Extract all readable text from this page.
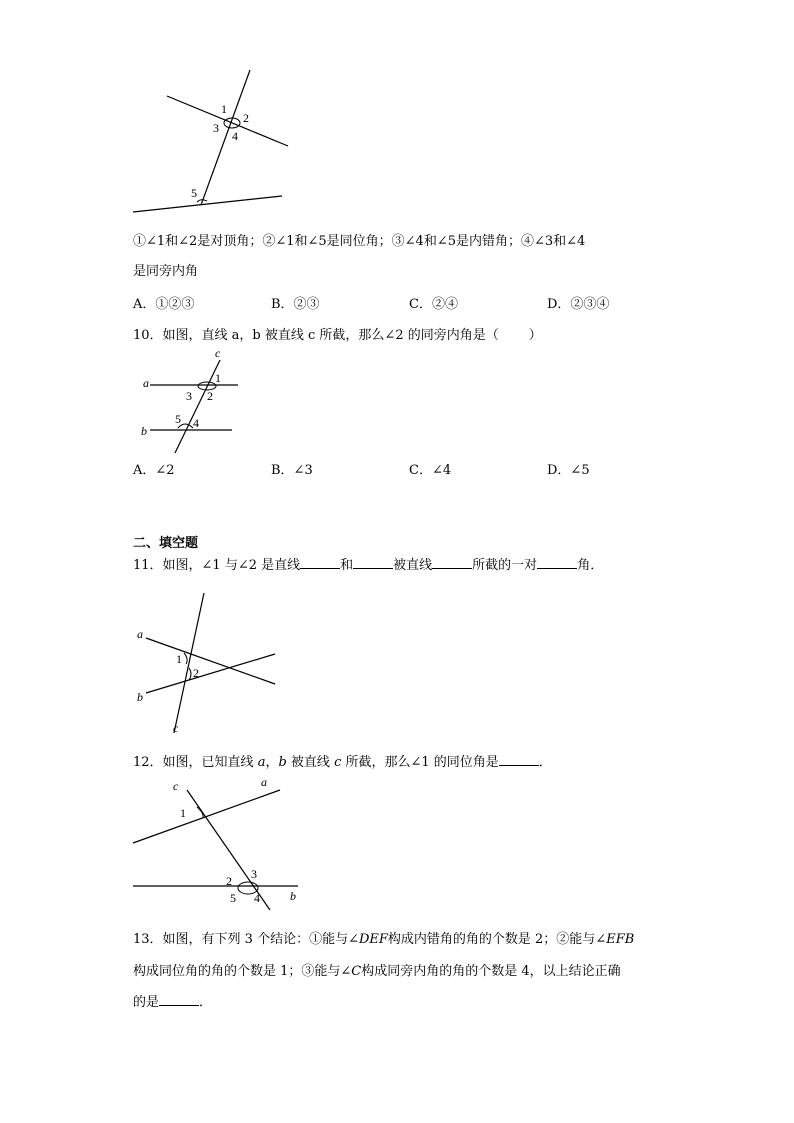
1
2
3
4
5
①∠1和∠2是对顶角；②∠1和∠5是同位角；③∠4和∠5是内错角；④∠3和∠4
是同旁内角
A．①②③	B．②③	C．②④	D．②③④
10．如图，直线 a，b 被直线 c 所截，那么∠2 的同旁内角是（ ）
c
a
b
1
3 2
5 4
A．∠2	B．∠3	C．∠4	D．∠5
二、填空题
11．如图，∠1 与∠2 是直线	和	被直线	所截的一对	角．
a
b
c
1
2
12．如图，已知直线 a，b 被直线 c 所截，那么∠1 的同位角是	．
c	a
b
1
2 3
5 4
13．如图，有下列 3 个结论：①能与∠DEF构成内错角的角的个数是 2；②能与∠EFB
构成同位角的角的个数是 1；③能与∠C构成同旁内角的角的个数是 4，以上结论正确
的是	．
